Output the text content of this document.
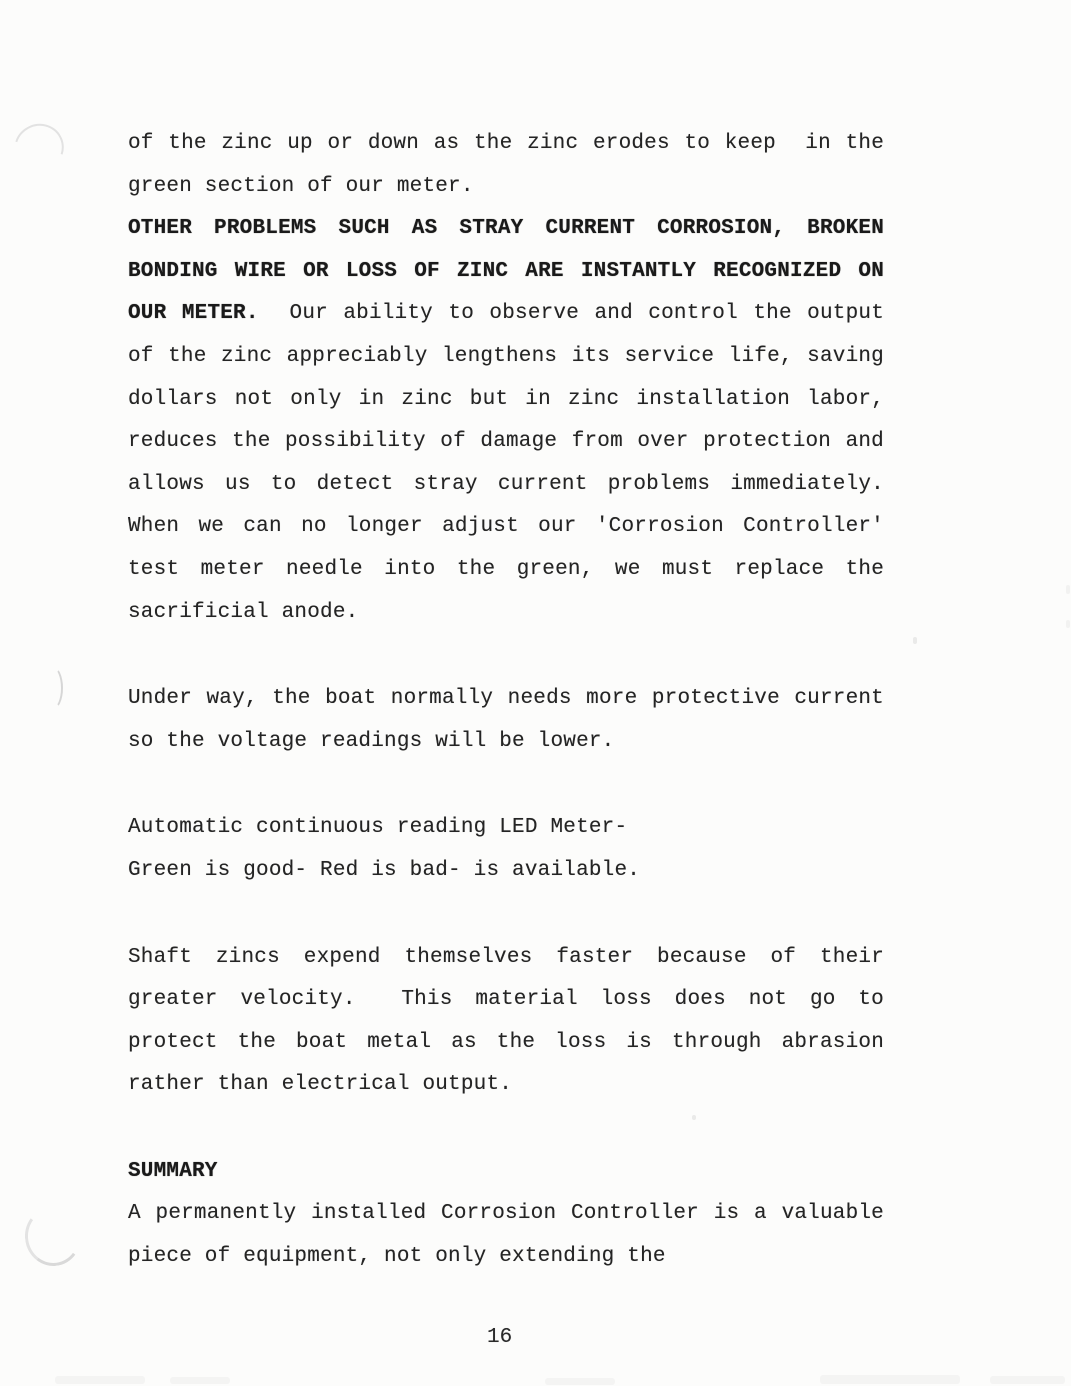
of the zinc up or down as the zinc erodes to keep  in the
green section of our meter.
OTHER PROBLEMS SUCH AS STRAY CURRENT CORROSION, BROKEN
BONDING WIRE OR LOSS OF ZINC ARE INSTANTLY RECOGNIZED ON
OUR METER.  Our ability to observe and control the output
of the zinc appreciably lengthens its service life, saving
dollars not only in zinc but in zinc installation labor,
reduces the possibility of damage from over protection and
allows us to detect stray current problems immediately.
When we can no longer adjust our 'Corrosion Controller'
test meter needle into the green, we must replace the
sacrificial anode.
Under way, the boat normally needs more protective current
so the voltage readings will be lower.
Automatic continuous reading LED Meter-
Green is good- Red is bad- is available.
Shaft zincs expend themselves faster because of their
greater velocity.  This material loss does not go to
protect the boat metal as the loss is through abrasion
rather than electrical output.
SUMMARY
A permanently installed Corrosion Controller is a valuable
piece of equipment, not only extending the
16
